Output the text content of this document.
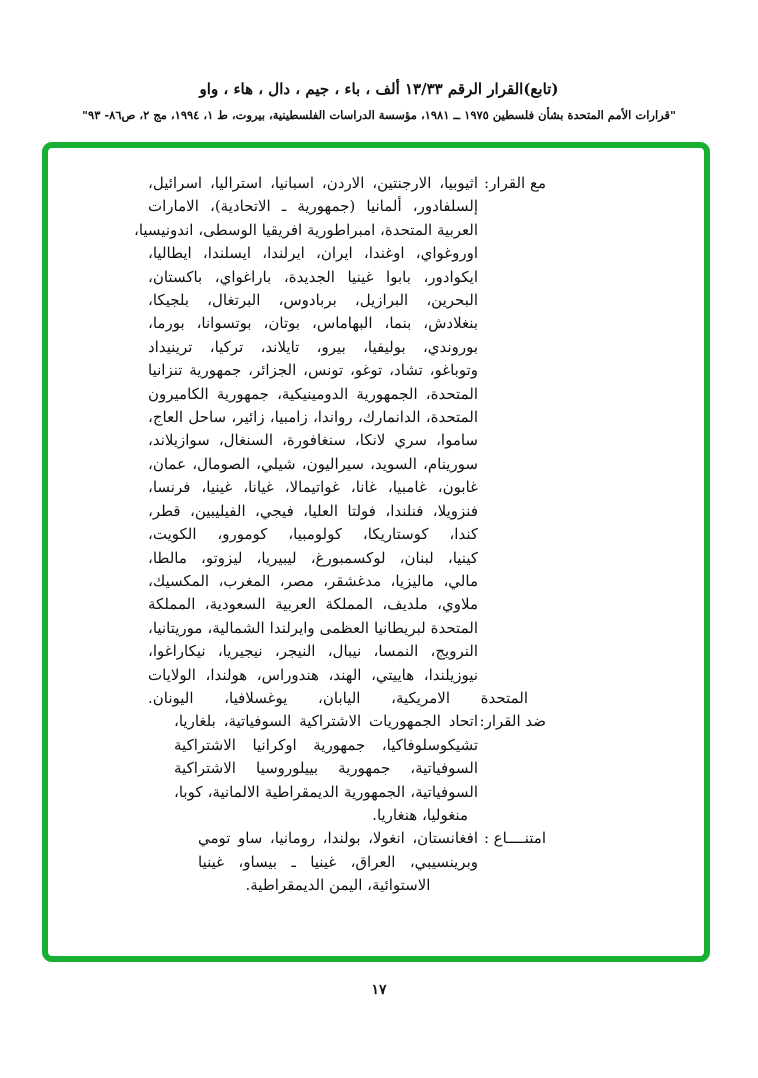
(تابع)القرار الرقم ١٣/٣٣ ألف ، باء ، جيم ، دال ، هاء ، واو
"قرارات الأمم المتحدة بشأن فلسطين ١٩٧٥ ــ ١٩٨١، مؤسسة الدراسات الفلسطينية، بيروت، ط ١، ١٩٩٤، مج ٢، ص٨٦- ٩٣"
مع القرار
:
اثيوبيا، الارجنتين، الاردن، اسبانيا، استراليا، اسرائيل،
إلسلفادور، ألمانيا (جمهورية ـ الاتحادية)، الامارات
العربية المتحدة، امبراطورية افريقيا الوسطى، اندونيسيا،
اوروغواي، اوغندا، ايران، ايرلندا، ايسلندا، ايطاليا،
ايكوادور، بابوا غينيا الجديدة، باراغواي، باكستان،
البحرين، البرازيل، بربادوس، البرتغال، بلجيكا،
بنغلادش، بنما، البهاماس، بوتان، بوتسوانا، بورما،
بوروندي، بوليفيا، بيرو، تايلاند، تركيا، ترينيداد
وتوباغو، تشاد، توغو، تونس، الجزائر، جمهورية تنزانيا
المتحدة، الجمهورية الدومينيكية، جمهورية الكاميرون
المتحدة، الدانمارك، رواندا، زامبيا، زائير، ساحل العاج،
ساموا، سري لانكا، سنغافورة، السنغال، سوازيلاند،
سورينام، السويد، سيراليون، شيلي، الصومال، عمان،
غابون، غامبيا، غانا، غواتيمالا، غيانا، غينيا، فرنسا،
فنزويلا، فنلندا، فولتا العليا، فيجي، الفيليبين، قطر،
كندا، كوستاريكا، كولومبيا، كومورو، الكويت،
كينيا، لبنان، لوكسمبورغ، ليبيريا، ليزوتو، مالطا،
مالي، ماليزيا، مدغشقر، مصر، المغرب، المكسيك،
ملاوي، ملديف، المملكة العربية السعودية، المملكة
المتحدة لبريطانيا العظمى وايرلندا الشمالية، موريتانيا،
النرويج، النمسا، نيبال، النيجر، نيجيريا، نيكاراغوا،
نيوزيلندا، هاييتي، الهند، هندوراس، هولندا، الولايات
المتحدة الامريكية، اليابان، يوغسلافيا، اليونان.
ضد القرار
:
اتحاد الجمهوريات الاشتراكية السوفياتية، بلغاريا،
تشيكوسلوفاكيا، جمهورية اوكرانيا الاشتراكية
السوفياتية، جمهورية بييلوروسيا الاشتراكية
السوفياتية، الجمهورية الديمقراطية الالمانية، كوبا،
منغوليا، هنغاريا.
امتنــــاع
:
افغانستان، انغولا، بولندا، رومانيا، ساو تومي
وبرينسيبي، العراق، غينيا ـ بيساو، غينيا
الاستوائية، اليمن الديمقراطية.
١٧
